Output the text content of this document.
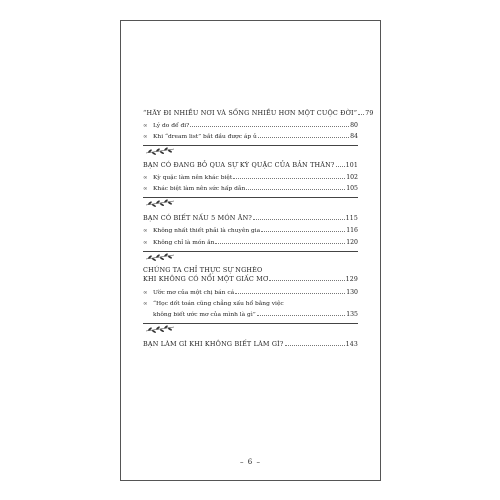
“HÃY ĐI NHIỀU NƠI VÀ SỐNG NHIỀU HƠN MỘT CUỘC ĐỜI” 79
∞ Lý do để đi?	80
∞ Khi “dream list” bắt đầu được áp ủ	84
BẠN CÓ ĐANG BỎ QUA SỰ KỲ QUẶC CỦA BẢN THÂN? 101
∞ Kỳ quặc làm nên khác biệt	102
∞ Khác biệt làm nên sức hấp dẫn	105
BẠN CÓ BIẾT NẤU 5 MÓN ĂN?	115
∞ Không nhất thiết phải là chuyên gia	116
∞ Không chỉ là món ăn	120
CHÚNG TA CHỈ THỰC SỰ NGHÈO
KHI KHÔNG CÓ NỔI MỘT GIẤC MƠ	129
∞ Ước mơ của một chị bán cá	130
∞ “Học dốt toán cũng chẳng xấu hổ bằng việc
không biết ước mơ của mình là gì”	135
BẠN LÀM GÌ KHI KHÔNG BIẾT LÀM GÌ?	143
– 6 –
